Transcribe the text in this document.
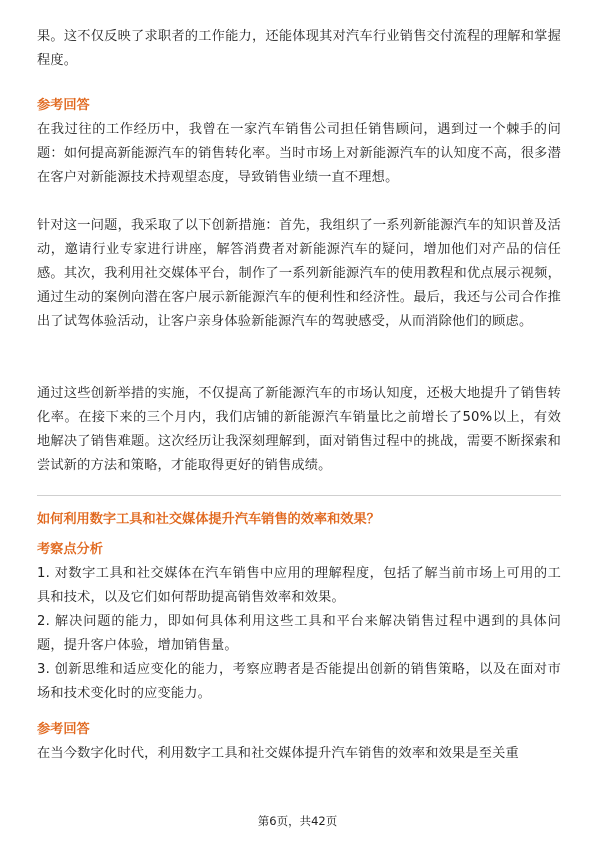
果。这不仅反映了求职者的工作能力，还能体现其对汽车行业销售交付流程的理解和掌握程度。
参考回答
在我过往的工作经历中，我曾在一家汽车销售公司担任销售顾问，遇到过一个棘手的问题：如何提高新能源汽车的销售转化率。当时市场上对新能源汽车的认知度不高，很多潜在客户对新能源技术持观望态度，导致销售业绩一直不理想。
针对这一问题，我采取了以下创新措施：首先，我组织了一系列新能源汽车的知识普及活动，邀请行业专家进行讲座，解答消费者对新能源汽车的疑问，增加他们对产品的信任感。其次，我利用社交媒体平台，制作了一系列新能源汽车的使用教程和优点展示视频，通过生动的案例向潜在客户展示新能源汽车的便利性和经济性。最后，我还与公司合作推出了试驾体验活动，让客户亲身体验新能源汽车的驾驶感受，从而消除他们的顾虑。
通过这些创新举措的实施，不仅提高了新能源汽车的市场认知度，还极大地提升了销售转化率。在接下来的三个月内，我们店铺的新能源汽车销量比之前增长了50%以上，有效地解决了销售难题。这次经历让我深刻理解到，面对销售过程中的挑战，需要不断探索和尝试新的方法和策略，才能取得更好的销售成绩。
如何利用数字工具和社交媒体提升汽车销售的效率和效果？
考察点分析
1. 对数字工具和社交媒体在汽车销售中应用的理解程度，包括了解当前市场上可用的工具和技术，以及它们如何帮助提高销售效率和效果。
2. 解决问题的能力，即如何具体利用这些工具和平台来解决销售过程中遇到的具体问题，提升客户体验，增加销售量。
3. 创新思维和适应变化的能力，考察应聘者是否能提出创新的销售策略，以及在面对市场和技术变化时的应变能力。
参考回答
在当今数字化时代，利用数字工具和社交媒体提升汽车销售的效率和效果是至关重
第6页，共42页
